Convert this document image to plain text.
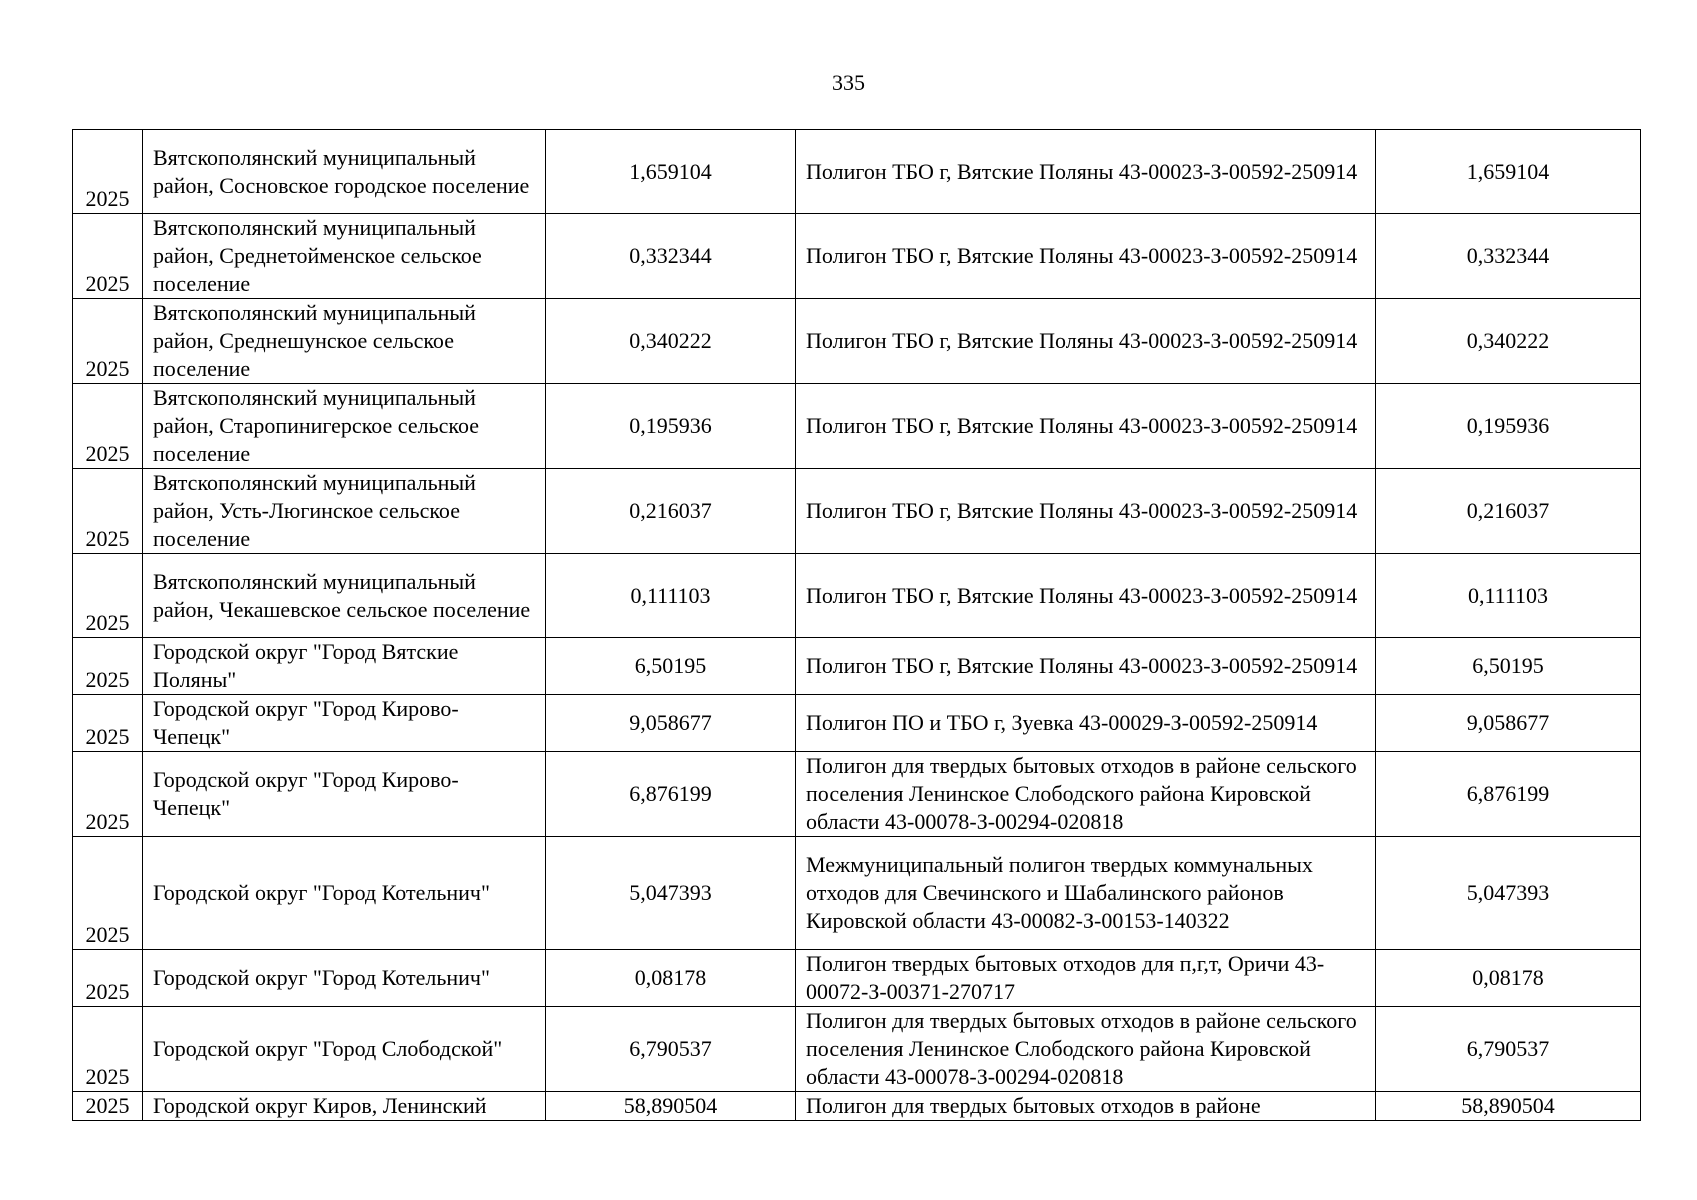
335
2025	Вятскополянский муниципальный район, Сосновское городское поселение	1,659104	Полигон ТБО г, Вятские Поляны 43-00023-З-00592-250914	1,659104
2025	Вятскополянский муниципальный район, Среднетойменское сельское поселение	0,332344	Полигон ТБО г, Вятские Поляны 43-00023-З-00592-250914	0,332344
2025	Вятскополянский муниципальный район, Среднешунское сельское поселение	0,340222	Полигон ТБО г, Вятские Поляны 43-00023-З-00592-250914	0,340222
2025	Вятскополянский муниципальный район, Старопинигерское сельское поселение	0,195936	Полигон ТБО г, Вятские Поляны 43-00023-З-00592-250914	0,195936
2025	Вятскополянский муниципальный район, Усть-Люгинское сельское поселение	0,216037	Полигон ТБО г, Вятские Поляны 43-00023-З-00592-250914	0,216037
2025	Вятскополянский муниципальный район, Чекашевское сельское поселение	0,111103	Полигон ТБО г, Вятские Поляны 43-00023-З-00592-250914	0,111103
2025	Городской округ "Город Вятские Поляны"	6,50195	Полигон ТБО г, Вятские Поляны 43-00023-З-00592-250914	6,50195
2025	Городской округ "Город Кирово-Чепецк"	9,058677	Полигон ПО и ТБО г, Зуевка 43-00029-З-00592-250914	9,058677
2025	Городской округ "Город Кирово-Чепецк"	6,876199	Полигон для твердых бытовых отходов в районе сельского поселения Ленинское Слободского района Кировской области 43-00078-З-00294-020818	6,876199
2025	Городской округ "Город Котельнич"	5,047393	Межмуниципальный полигон твердых коммунальных отходов для Свечинского и Шабалинского районов Кировской области 43-00082-З-00153-140322	5,047393
2025	Городской округ "Город Котельнич"	0,08178	Полигон твердых бытовых отходов для п,г,т, Оричи 43-00072-З-00371-270717	0,08178
2025	Городской округ "Город Слободской"	6,790537	Полигон для твердых бытовых отходов в районе сельского поселения Ленинское Слободского района Кировской области 43-00078-З-00294-020818	6,790537
2025	Городской округ Киров, Ленинский	58,890504	Полигон для твердых бытовых отходов в районе	58,890504
